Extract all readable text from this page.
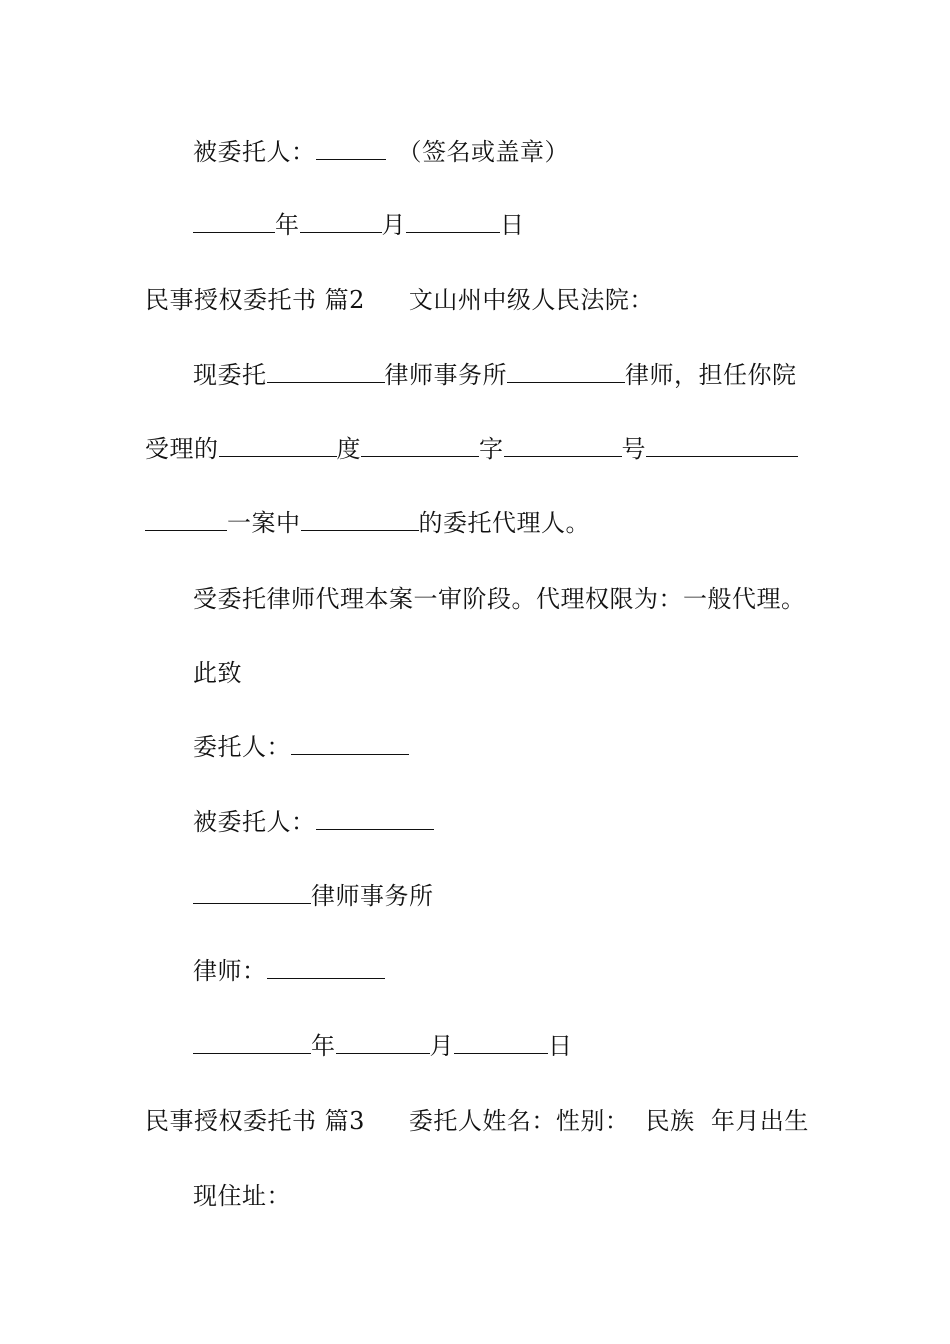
被委托人：	（签名或盖章）
年	月	日
民事授权委托书 篇2 文山州中级人民法院：
现委托	律师事务所	律师，担任你院
受理的	度	字	号
一案中	的委托代理人。
受委托律师代理本案一审阶段。代理权限为：一般代理。
此致
委托人：
被委托人：
律师事务所
律师：
年	月	日
民事授权委托书 篇3 委托人姓名：性别：  民族  年月出生
现住址：
